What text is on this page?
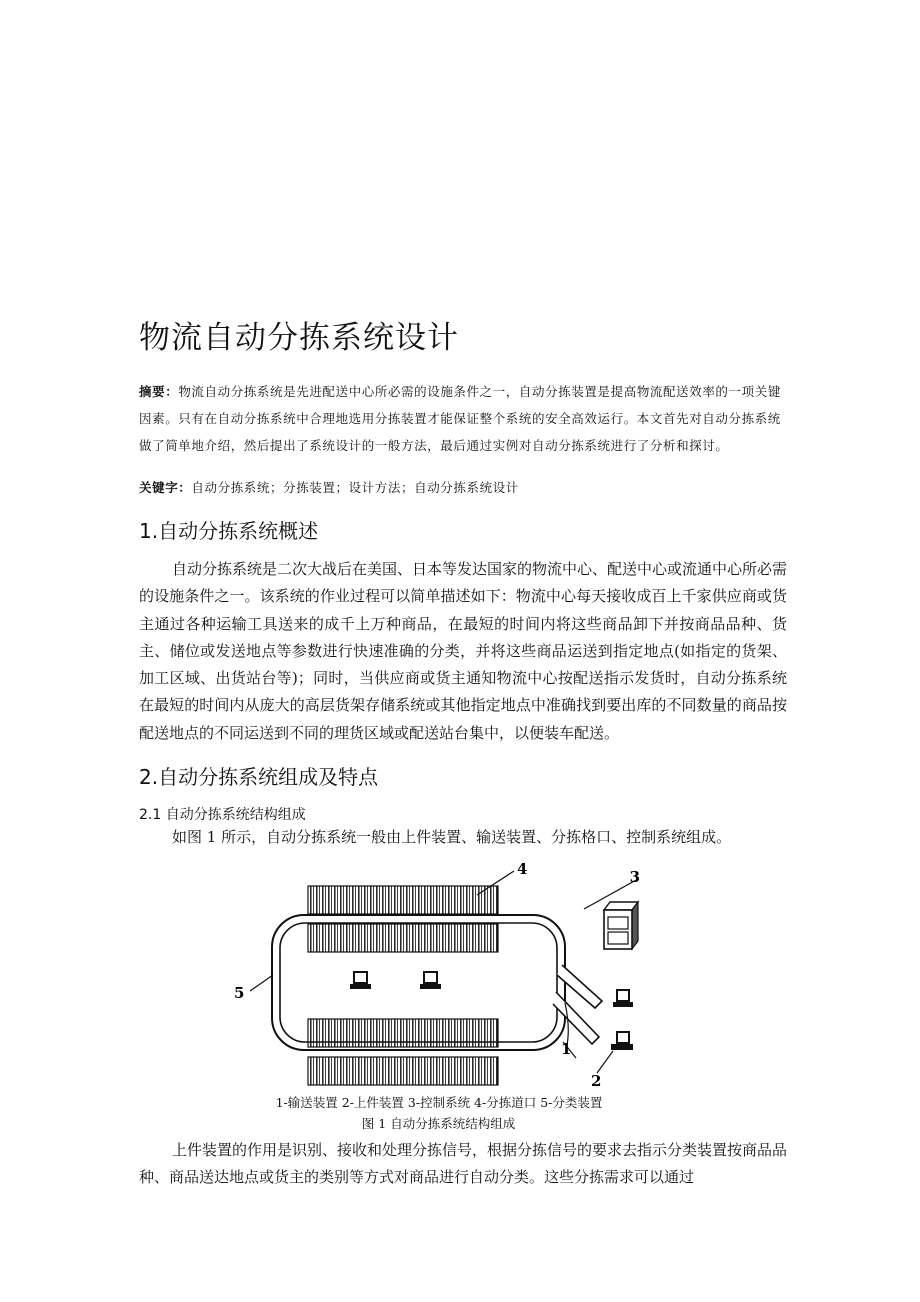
物流自动分拣系统设计

摘要：物流自动分拣系统是先进配送中心所必需的设施条件之一，自动分拣装置是提高物流配送效率的一项关键因素。只有在自动分拣系统中合理地选用分拣装置才能保证整个系统的安全高效运行。本文首先对自动分拣系统做了简单地介绍，然后提出了系统设计的一般方法，最后通过实例对自动分拣系统进行了分析和探讨。

关键字：自动分拣系统；分拣装置；设计方法；自动分拣系统设计

1.自动分拣系统概述

自动分拣系统是二次大战后在美国、日本等发达国家的物流中心、配送中心或流通中心所必需的设施条件之一。该系统的作业过程可以简单描述如下：物流中心每天接收成百上千家供应商或货主通过各种运输工具送来的成千上万种商品，在最短的时间内将这些商品卸下并按商品品种、货主、储位或发送地点等参数进行快速准确的分类，并将这些商品运送到指定地点(如指定的货架、加工区域、出货站台等)；同时，当供应商或货主通知物流中心按配送指示发货时，自动分拣系统在最短的时间内从庞大的高层货架存储系统或其他指定地点中准确找到要出库的不同数量的商品按配送地点的不同运送到不同的理货区域或配送站台集中，以便装车配送。

2.自动分拣系统组成及特点
2.1 自动分拣系统结构组成

如图 1 所示，自动分拣系统一般由上件装置、输送装置、分拣格口、控制系统组成。

4	3
5
1
2

1-输送装置 2-上件装置 3-控制系统 4-分拣道口 5-分类装置

图 1 自动分拣系统结构组成

上件装置的作用是识别、接收和处理分拣信号，根据分拣信号的要求去指示分类装置按商品品种、商品送达地点或货主的类别等方式对商品进行自动分类。这些分拣需求可以通过
